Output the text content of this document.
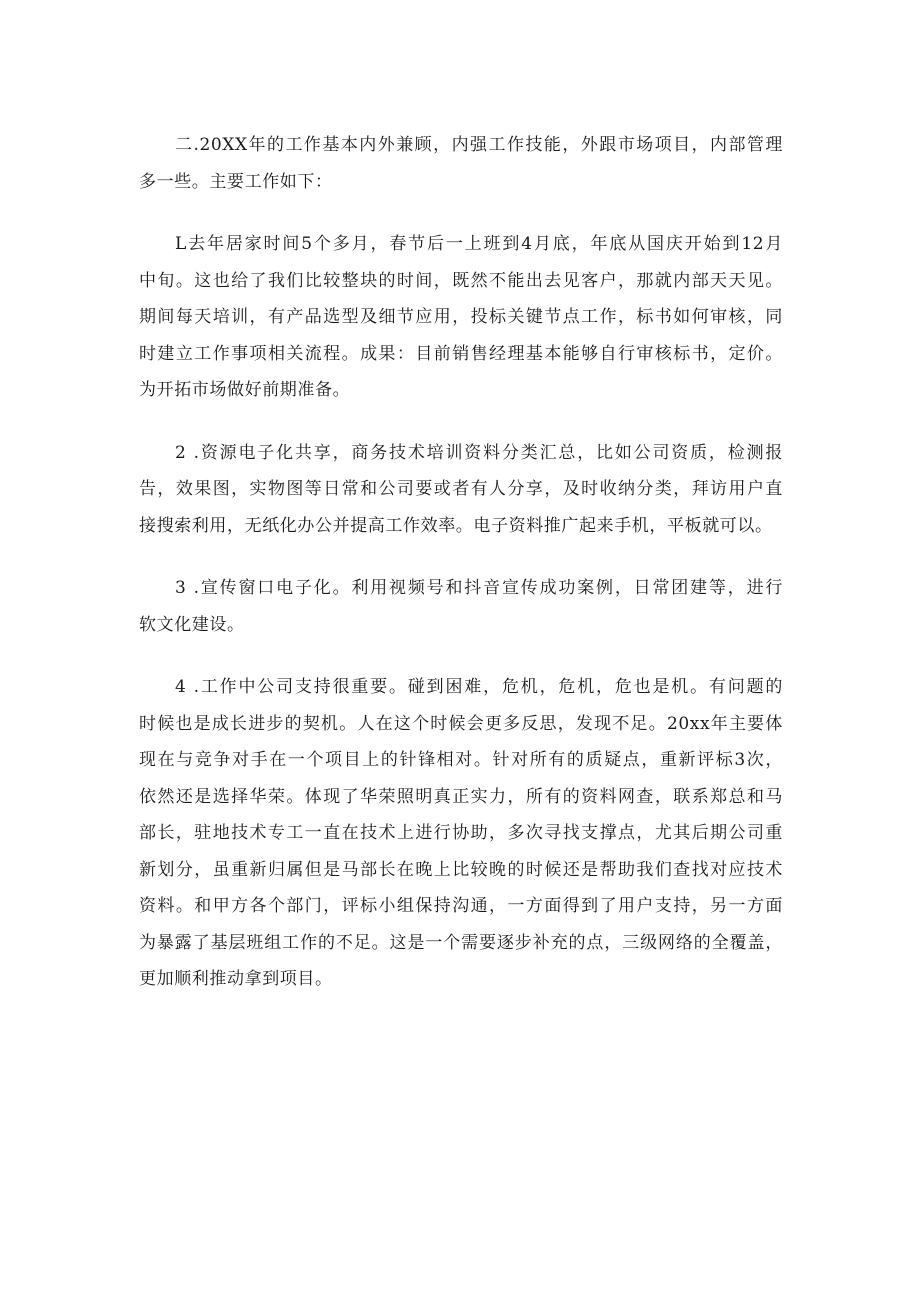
二.20XX年的工作基本内外兼顾，内强工作技能，外跟市场项目，内部管理
多一些。主要工作如下：
L去年居家时间5个多月，春节后一上班到4月底，年底从国庆开始到12月
中旬。这也给了我们比较整块的时间，既然不能出去见客户，那就内部天天见。
期间每天培训，有产品选型及细节应用，投标关键节点工作，标书如何审核，同
时建立工作事项相关流程。成果：目前销售经理基本能够自行审核标书，定价。
为开拓市场做好前期准备。
2 .资源电子化共享，商务技术培训资料分类汇总，比如公司资质，检测报
告，效果图，实物图等日常和公司要或者有人分享，及时收纳分类，拜访用户直
接搜索利用，无纸化办公并提高工作效率。电子资料推广起来手机，平板就可以。
3 .宣传窗口电子化。利用视频号和抖音宣传成功案例，日常团建等，进行
软文化建设。
4 .工作中公司支持很重要。碰到困难，危机，危机，危也是机。有问题的
时候也是成长进步的契机。人在这个时候会更多反思，发现不足。20xx年主要体
现在与竞争对手在一个项目上的针锋相对。针对所有的质疑点，重新评标3次，
依然还是选择华荣。体现了华荣照明真正实力，所有的资料网查，联系郑总和马
部长，驻地技术专工一直在技术上进行协助，多次寻找支撑点，尤其后期公司重
新划分，虽重新归属但是马部长在晚上比较晚的时候还是帮助我们查找对应技术
资料。和甲方各个部门，评标小组保持沟通，一方面得到了用户支持，另一方面
为暴露了基层班组工作的不足。这是一个需要逐步补充的点，三级网络的全覆盖，
更加顺利推动拿到项目。
